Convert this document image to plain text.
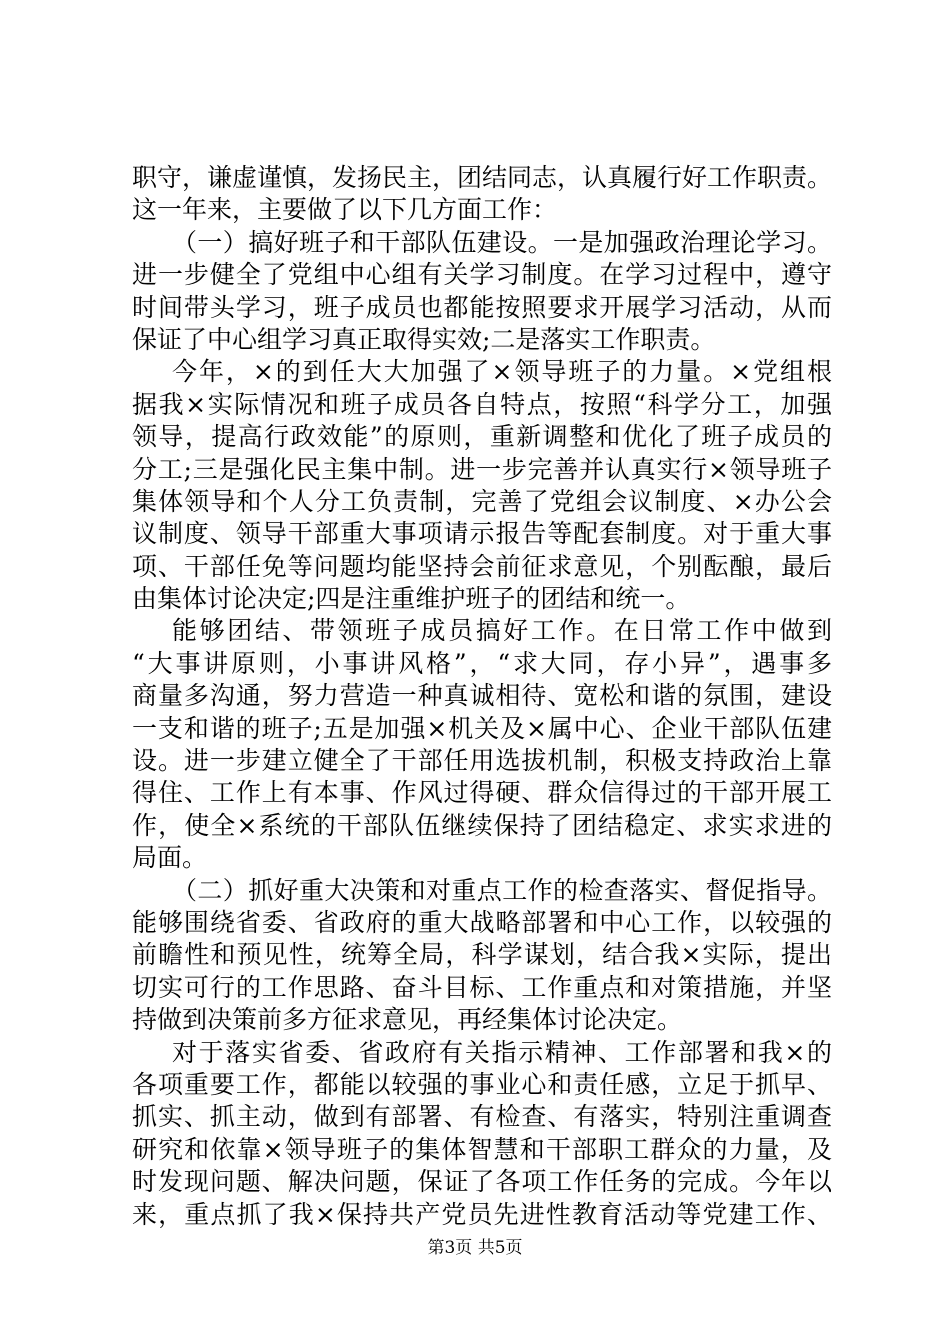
职守，谦虚谨慎，发扬民主，团结同志，认真履行好工作职责。
这一年来，主要做了以下几方面工作：
（一）搞好班子和干部队伍建设。一是加强政治理论学习。
进一步健全了党组中心组有关学习制度。在学习过程中，遵守
时间带头学习，班子成员也都能按照要求开展学习活动，从而
保证了中心组学习真正取得实效;二是落实工作职责。
今年，×的到任大大加强了×领导班子的力量。×党组根
据我×实际情况和班子成员各自特点，按照“科学分工，加强
领导，提高行政效能”的原则，重新调整和优化了班子成员的
分工;三是强化民主集中制。进一步完善并认真实行×领导班子
集体领导和个人分工负责制，完善了党组会议制度、×办公会
议制度、领导干部重大事项请示报告等配套制度。对于重大事
项、干部任免等问题均能坚持会前征求意见，个别酝酿，最后
由集体讨论决定;四是注重维护班子的团结和统一。
能够团结、带领班子成员搞好工作。在日常工作中做到
“大事讲原则，小事讲风格”，“求大同，存小异”，遇事多
商量多沟通，努力营造一种真诚相待、宽松和谐的氛围，建设
一支和谐的班子;五是加强×机关及×属中心、企业干部队伍建
设。进一步建立健全了干部任用选拔机制，积极支持政治上靠
得住、工作上有本事、作风过得硬、群众信得过的干部开展工
作，使全×系统的干部队伍继续保持了团结稳定、求实求进的
局面。
（二）抓好重大决策和对重点工作的检查落实、督促指导。
能够围绕省委、省政府的重大战略部署和中心工作，以较强的
前瞻性和预见性，统筹全局，科学谋划，结合我×实际，提出
切实可行的工作思路、奋斗目标、工作重点和对策措施，并坚
持做到决策前多方征求意见，再经集体讨论决定。
对于落实省委、省政府有关指示精神、工作部署和我×的
各项重要工作，都能以较强的事业心和责任感，立足于抓早、
抓实、抓主动，做到有部署、有检查、有落实，特别注重调查
研究和依靠×领导班子的集体智慧和干部职工群众的力量，及
时发现问题、解决问题，保证了各项工作任务的完成。今年以
来，重点抓了我×保持共产党员先进性教育活动等党建工作、
第3页 共5页
